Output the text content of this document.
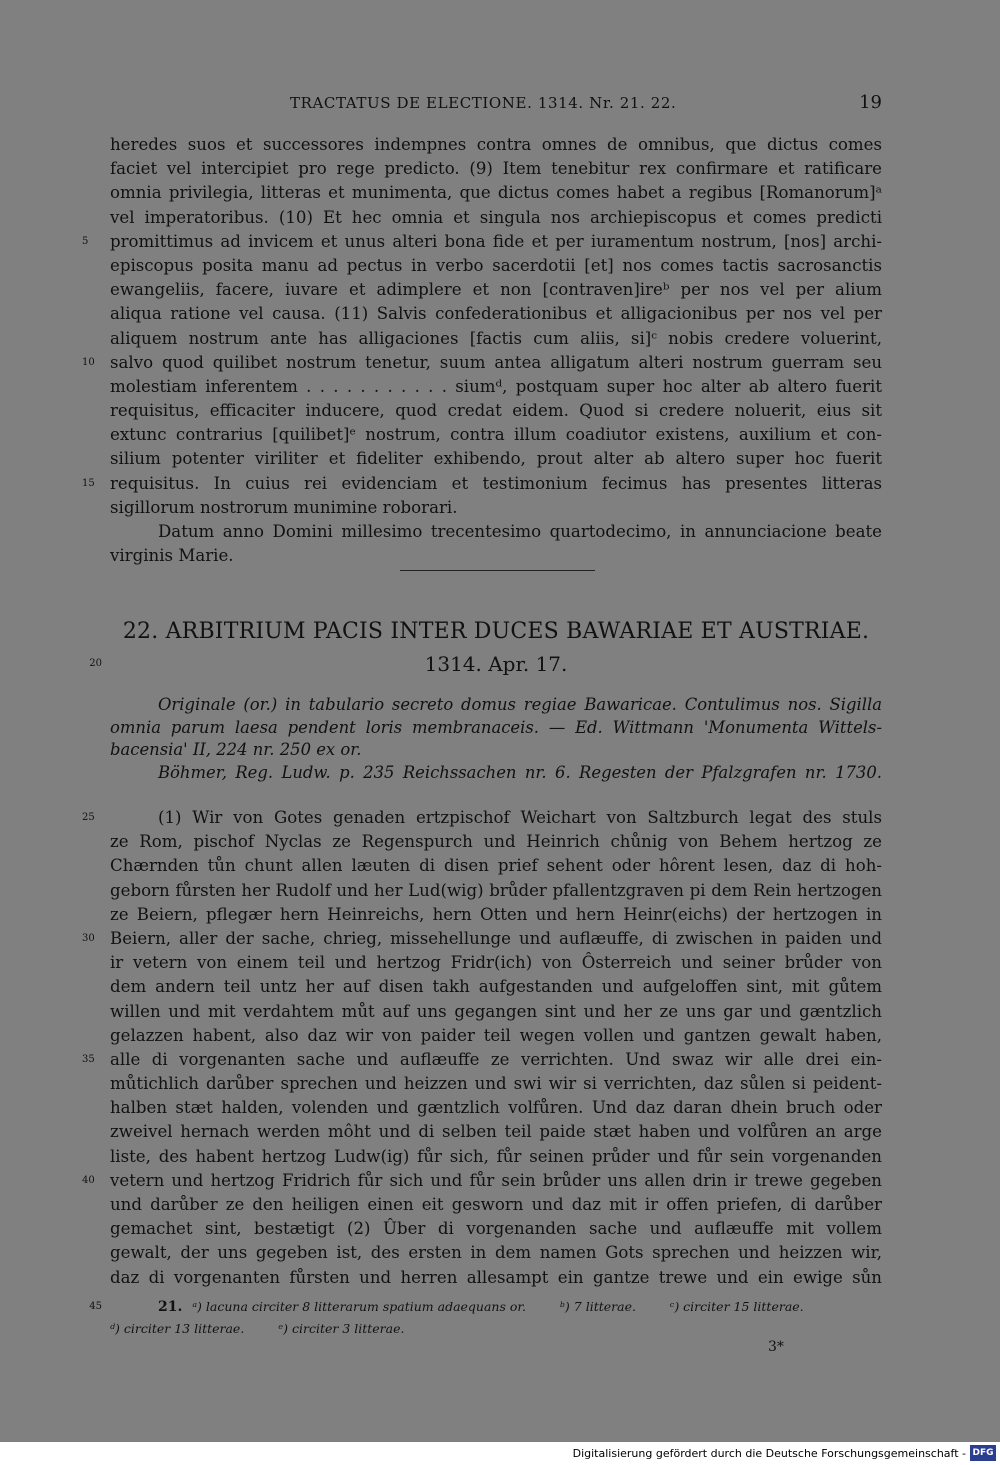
TRACTATUS DE ELECTIONE. 1314. Nr. 21. 22.	19
heredes suos et successores indempnes contra omnes de omnibus, que dictus comes
faciet vel intercipiet pro rege predicto. (9) Item tenebitur rex confirmare et ratificare
omnia privilegia, litteras et munimenta, que dictus comes habet a regibus [Romanorum]ᵃ
vel imperatoribus. (10) Et hec omnia et singula nos archiepiscopus et comes predicti
5	promittimus ad invicem et unus alteri bona fide et per iuramentum nostrum, [nos] archi-
episcopus posita manu ad pectus in verbo sacerdotii [et] nos comes tactis sacrosanctis
ewangeliis, facere, iuvare et adimplere et non [contraven]ireᵇ per nos vel per alium
aliqua ratione vel causa. (11) Salvis confederationibus et alligacionibus per nos vel per
aliquem nostrum ante has alligaciones [factis cum aliis, si]ᶜ nobis credere voluerint,
10 salvo quod quilibet nostrum tenetur, suum antea alligatum alteri nostrum guerram seu
molestiam inferentem . . . . . . . . . . . siumᵈ, postquam super hoc alter ab altero fuerit
requisitus, efficaciter inducere, quod credat eidem. Quod si credere noluerit, eius sit
extunc contrarius [quilibet]ᵉ nostrum, contra illum coadiutor existens, auxilium et con-
silium potenter viriliter et fideliter exhibendo, prout alter ab altero super hoc fuerit
15 requisitus. In cuius rei evidenciam et testimonium fecimus has presentes litteras
sigillorum nostrorum munimine roborari.
Datum anno Domini millesimo trecentesimo quartodecimo, in annunciacione beate
virginis Marie.
22. ARBITRIUM PACIS INTER DUCES BAWARIAE ET AUSTRIAE.
20	1314. Apr. 17.
Originale (or.) in tabulario secreto domus regiae Bawaricae. Contulimus nos. Sigilla
omnia parum laesa pendent loris membranaceis. — Ed. Wittmann 'Monumenta Wittels-
bacensia' II, 224 nr. 250 ex or.
Böhmer, Reg. Ludw. p. 235 Reichssachen nr. 6. Regesten der Pfalzgrafen nr. 1730.
25	(1) Wir von Gotes genaden ertzpischof Weichart von Saltzburch legat des stuls
ze Rom, pischof Nyclas ze Regenspurch und Heinrich chůnig von Behem hertzog ze
Chærnden tůn chunt allen læuten di disen prief sehent oder hôrent lesen, daz di hoh-
geborn fůrsten her Rudolf und her Lud(wig) brůder pfallentzgraven pi dem Rein hertzogen
ze Beiern, pflegær hern Heinreichs, hern Otten und hern Heinr(eichs) der hertzogen in
30 Beiern, aller der sache, chrieg, missehellunge und auflæuffe, di zwischen in paiden und
ir vetern von einem teil und hertzog Fridr(ich) von Ôsterreich und seiner brůder von
dem andern teil untz her auf disen takh aufgestanden und aufgeloffen sint, mit gůtem
willen und mit verdahtem můt auf uns gegangen sint und her ze uns gar und gæntzlich
gelazzen habent, also daz wir von paider teil wegen vollen und gantzen gewalt haben,
35 alle di vorgenanten sache und auflæuffe ze verrichten. Und swaz wir alle drei ein-
můtichlich darůber sprechen und heizzen und swi wir si verrichten, daz sůlen si peident-
halben stæt halden, volenden und gæntzlich volfůren. Und daz daran dhein bruch oder
zweivel hernach werden môht und di selben teil paide stæt haben und volfůren an arge
liste, des habent hertzog Ludw(ig) fůr sich, fůr seinen průder und fůr sein vorgenanden
40 vetern und hertzog Fridrich fůr sich und fůr sein brůder uns allen drin ir trewe gegeben
und darůber ze den heiligen einen eit gesworn und daz mit ir offen priefen, di darůber
gemachet sint, bestætigt (2) Ûber di vorgenanden sache und auflæuffe mit vollem
gewalt, der uns gegeben ist, des ersten in dem namen Gots sprechen und heizzen wir,
daz di vorgenanten fůrsten und herren allesampt ein gantze trewe und ein ewige sůn
45	21. ᵃ) lacuna circiter 8 litterarum spatium adaequans or.	ᵇ) 7 litterae.	ᶜ) circiter 15 litterae.
ᵈ) circiter 13 litterae.	ᵉ) circiter 3 litterae.
3*
Digitalisierung gefördert durch die Deutsche Forschungsgemeinschaft - DFG
